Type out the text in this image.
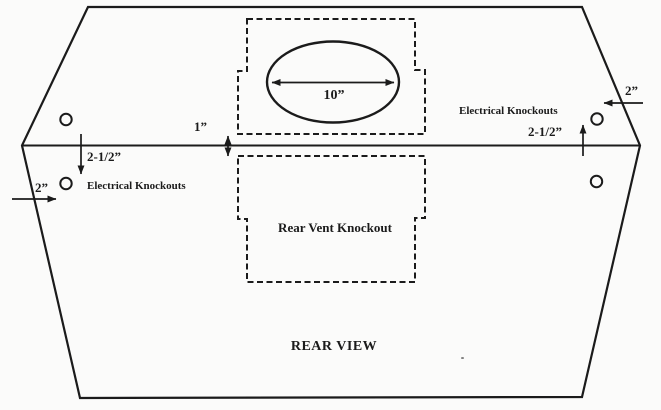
10”
1”
2-1/2”
Electrical Knockouts
2”
2”
Electrical Knockouts
2-1/2”
Rear Vent Knockout
REAR VIEW
